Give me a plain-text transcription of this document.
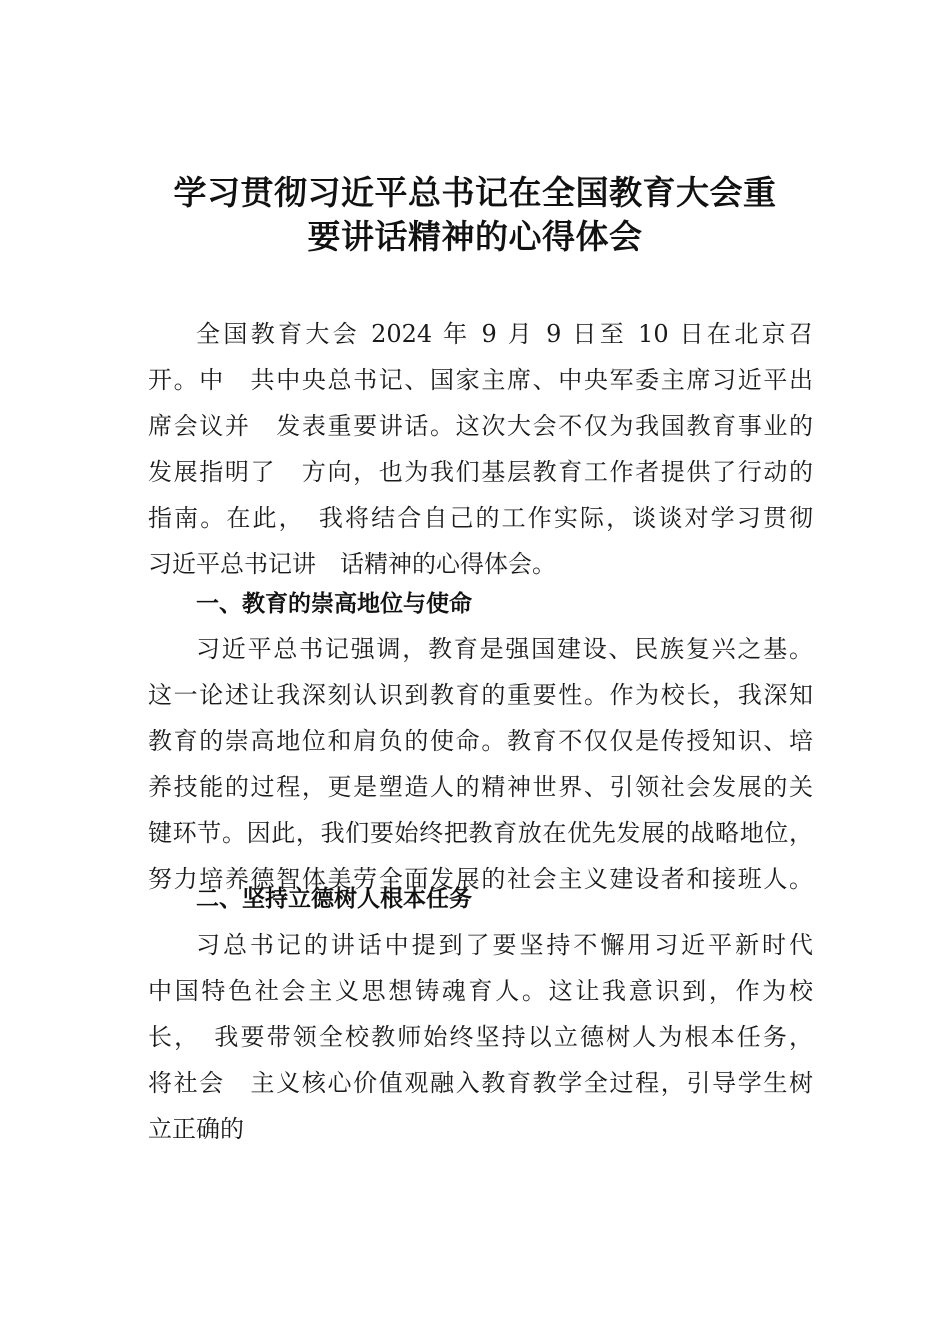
学习贯彻习近平总书记在全国教育大会重
要讲话精神的心得体会
全国教育大会 2024 年 9 月 9 日至 10 日在北京召
开。中　共中央总书记、国家主席、中央军委主席习近平出
席会议并　发表重要讲话。这次大会不仅为我国教育事业的
发展指明了　方向，也为我们基层教育工作者提供了行动的
指南。在此，　我将结合自己的工作实际，谈谈对学习贯彻
习近平总书记讲　话精神的心得体会。
一、教育的崇高地位与使命
习近平总书记强调，教育是强国建设、民族复兴之基。
这一论述让我深刻认识到教育的重要性。作为校长，我深知
教育的崇高地位和肩负的使命。教育不仅仅是传授知识、培
养技能的过程，更是塑造人的精神世界、引领社会发展的关
键环节。因此，我们要始终把教育放在优先发展的战略地位，
努力培养德智体美劳全面发展的社会主义建设者和接班人。
二、坚持立德树人根本任务
习总书记的讲话中提到了要坚持不懈用习近平新时代
中国特色社会主义思想铸魂育人。这让我意识到，作为校
长，　我要带领全校教师始终坚持以立德树人为根本任务，
将社会　主义核心价值观融入教育教学全过程，引导学生树
立正确的
